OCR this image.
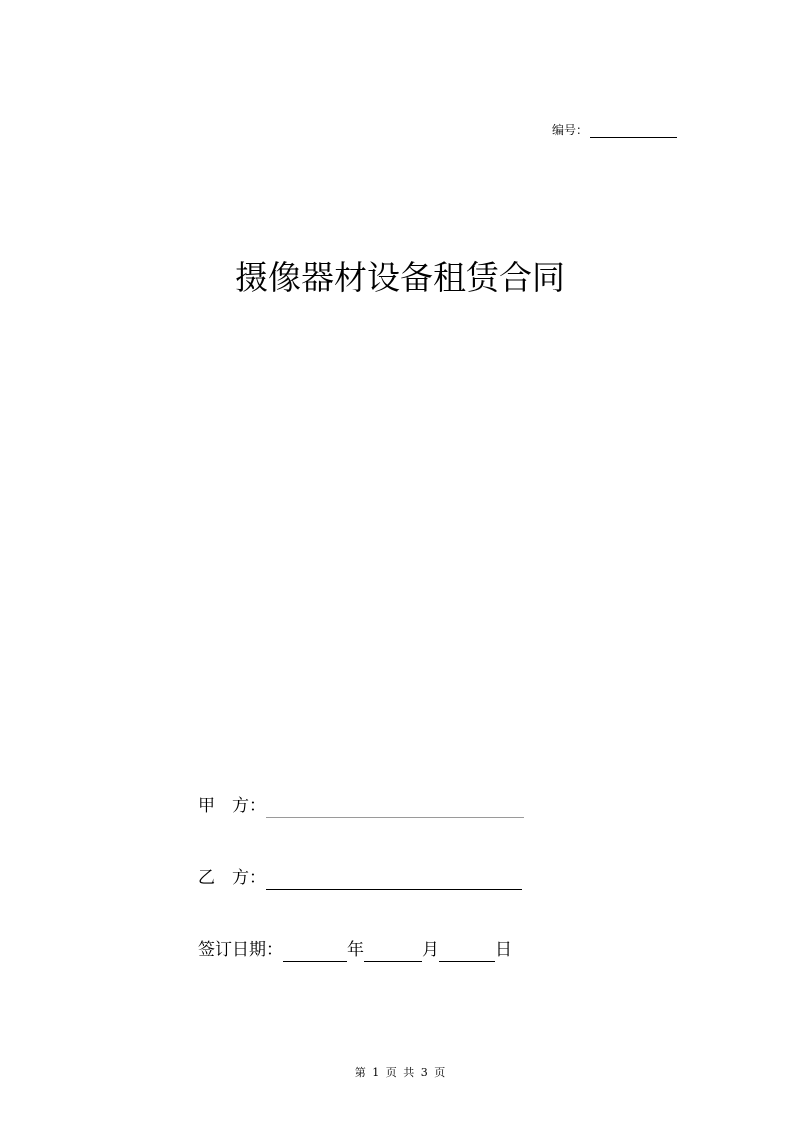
编号：
摄像器材设备租赁合同
甲　方：
乙　方：
签订日期：	年	月	日
第 1 页 共 3 页
